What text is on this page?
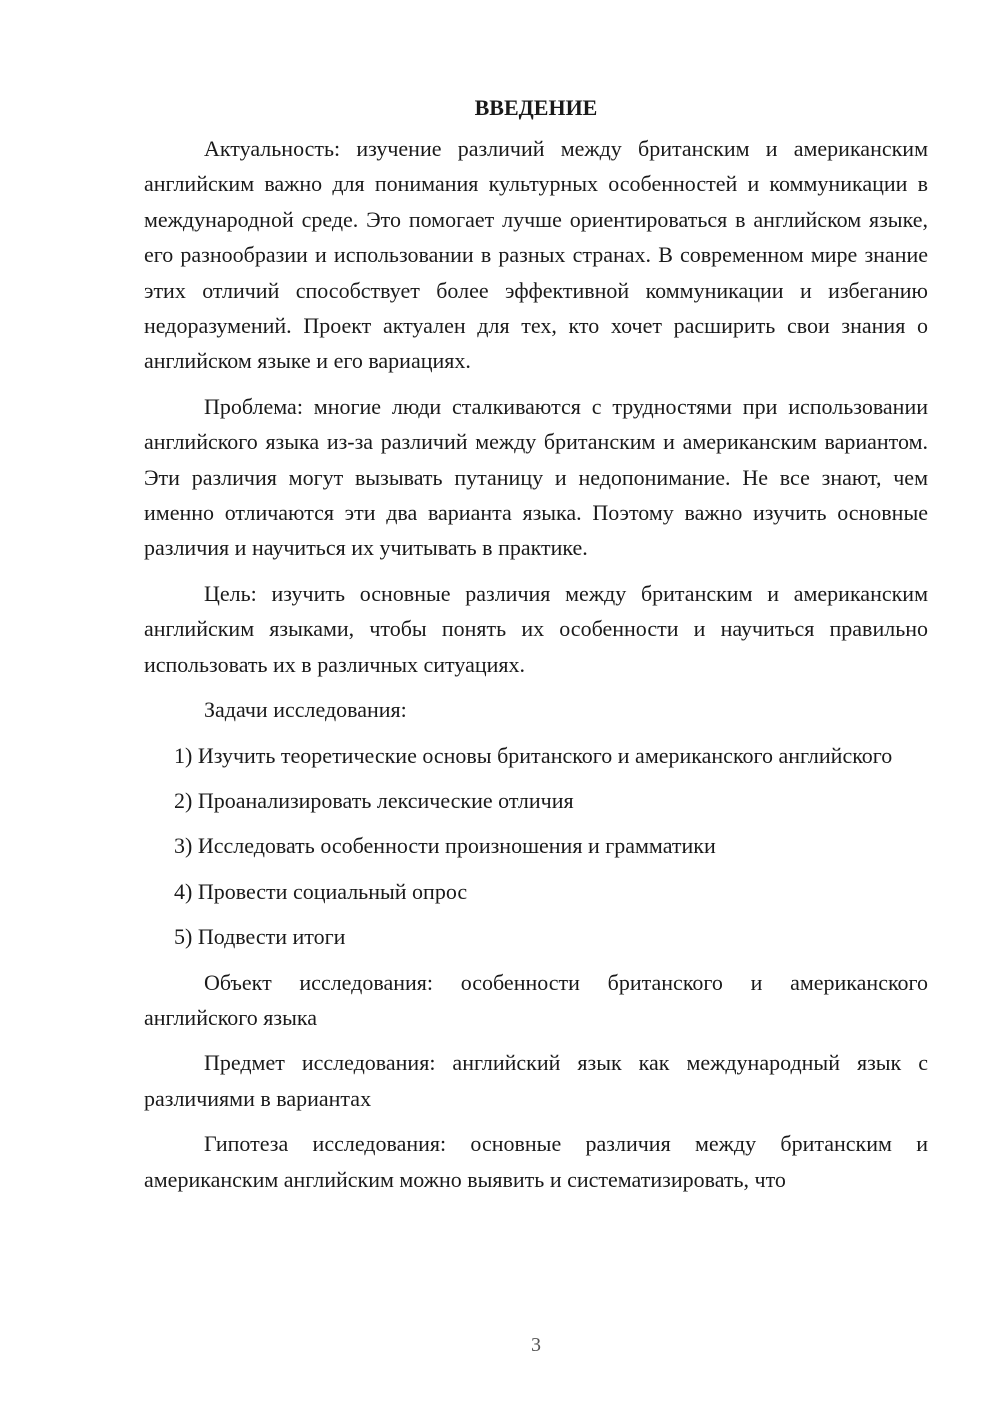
ВВЕДЕНИЕ

Актуальность: изучение различий между британским и американским английским важно для понимания культурных особенностей и коммуникации в международной среде. Это помогает лучше ориентироваться в английском языке, его разнообразии и использовании в разных странах. В современном мире знание этих отличий способствует более эффективной коммуникации и избеганию недоразумений. Проект актуален для тех, кто хочет расширить свои знания о английском языке и его вариациях.

Проблема: многие люди сталкиваются с трудностями при использовании английского языка из-за различий между британским и американским вариантом. Эти различия могут вызывать путаницу и недопонимание. Не все знают, чем именно отличаются эти два варианта языка. Поэтому важно изучить основные различия и научиться их учитывать в практике.

Цель: изучить основные различия между британским и американским английским языками, чтобы понять их особенности и научиться правильно использовать их в различных ситуациях.

Задачи исследования:

1) Изучить теоретические основы британского и американского английского

2) Проанализировать лексические отличия

3) Исследовать особенности произношения и грамматики

4) Провести социальный опрос

5) Подвести итоги

Объект исследования: особенности британского и американского английского языка

Предмет исследования: английский язык как международный язык с различиями в вариантах

Гипотеза исследования: основные различия между британским и американским английским можно выявить и систематизировать, что

3
